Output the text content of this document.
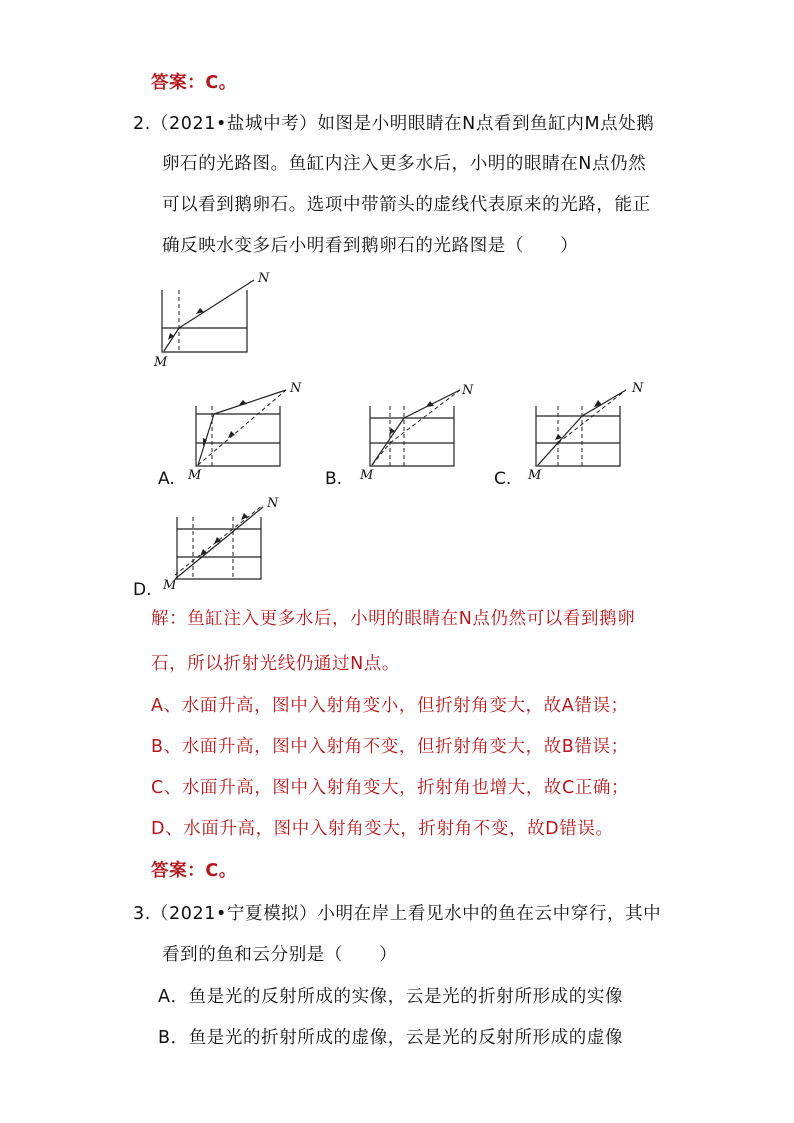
答案：C。
2.（2021•盐城中考）如图是小明眼睛在N点看到鱼缸内M点处鹅
卵石的光路图。鱼缸内注入更多水后，小明的眼睛在N点仍然
可以看到鹅卵石。选项中带箭头的虚线代表原来的光路，能正
确反映水变多后小明看到鹅卵石的光路图是（　　）
N
M
A.
N
M	B.
N
M	C.
N
M
D.
N
M
解：鱼缸注入更多水后，小明的眼睛在N点仍然可以看到鹅卵
石，所以折射光线仍通过N点。
A、水面升高，图中入射角变小，但折射角变大，故A错误；
B、水面升高，图中入射角不变，但折射角变大，故B错误；
C、水面升高，图中入射角变大，折射角也增大，故C正确；
D、水面升高，图中入射角变大，折射角不变，故D错误。
答案：C。
3.（2021•宁夏模拟）小明在岸上看见水中的鱼在云中穿行，其中
看到的鱼和云分别是（　　）
A．鱼是光的反射所成的实像，云是光的折射所形成的实像
B．鱼是光的折射所成的虚像，云是光的反射所形成的虚像
